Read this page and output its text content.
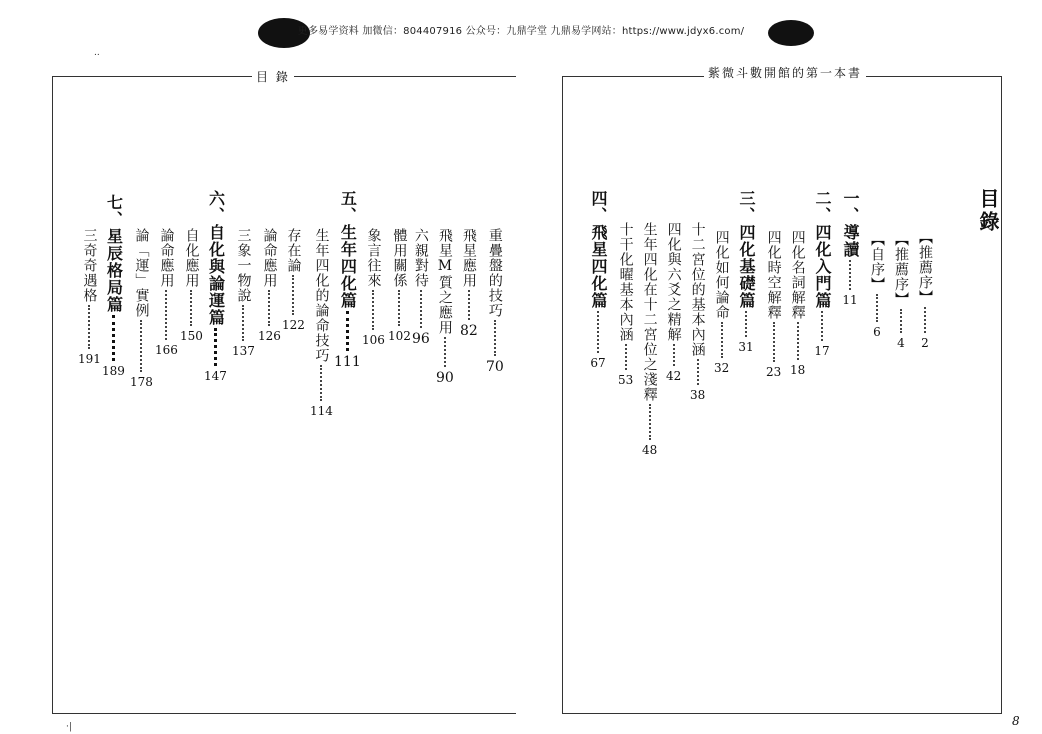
更多易学资料 加微信：804407916 公众号：九鼎学堂 九鼎易学网站：https://www.jdyx6.com/
..
·|
目 錄	紫微斗數開館的第一本書
目錄
【推薦序】
2
【推薦序】
4
【自序】
6
一、導讀
11
二、四化入門篇
17
四化名詞解釋
18
四化時空解釋
23
三、四化基礎篇
31
四化如何論命
32
十二宮位的基本內涵
38
四化與六爻之精解
42
生年四化在十二宮位之淺釋
48
十干化曜基本內涵
53
四、飛星四化篇
67
重疊盤的技巧
70
飛星應用
82
飛星M質之應用
90
六親對待
96
體用關係
102
象言往來
106
五、生年四化篇
111
生年四化的論命技巧
114
存在論
122
論命應用
126
三象一物說
137
六、自化與論運篇
147
自化應用
150
論命應用
166
論「運」實例
178
七、星辰格局篇
189
三奇奇遇格
191
8
